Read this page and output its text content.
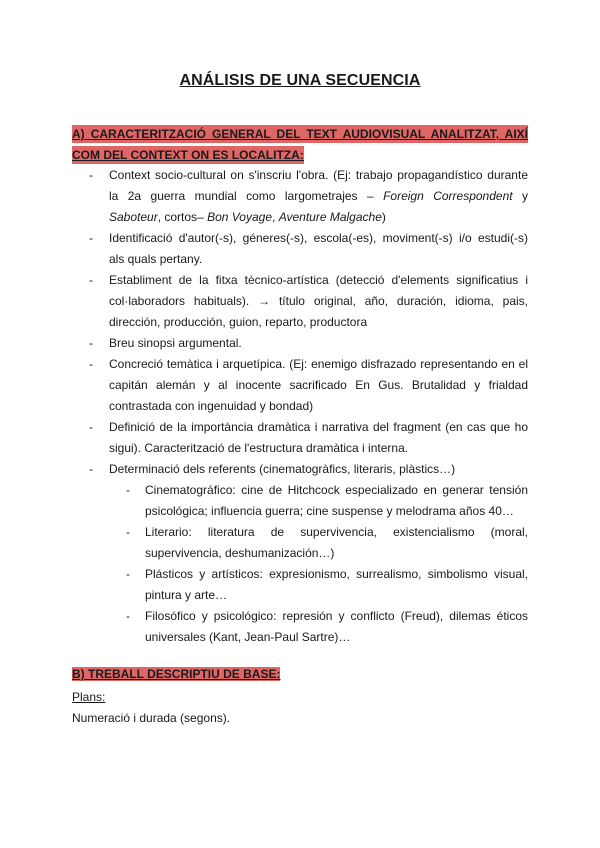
ANÁLISIS DE UNA SECUENCIA
A) CARACTERITZACIÓ GENERAL DEL TEXT AUDIOVISUAL ANALITZAT, AIXÍ COM DEL CONTEXT ON ES LOCALITZA:
- Context socio-cultural on s'inscriu l'obra. (Ej: trabajo propagandístico durante la 2a guerra mundial como largometrajes – Foreign Correspondent y Saboteur, cortos– Bon Voyage, Aventure Malgache)
- Identificació d'autor(-s), géneres(-s), escola(-es), moviment(-s) i/o estudi(-s) als quals pertany.
- Establiment de la fitxa tècnico-artística (detecció d'elements significatius i col·laboradors habituals). → título original, año, duración, idioma, pais, dirección, producción, guion, reparto, productora
- Breu sinopsi argumental.
- Concreció temàtica i arquetípica. (Ej: enemigo disfrazado representando en el capitán alemán y al inocente sacrificado En Gus. Brutalidad y frialdad contrastada con ingenuidad y bondad)
- Definició de la importància dramàtica i narrativa del fragment (en cas que ho sigui). Caracterització de l'estructura dramàtica i interna.
- Determinació dels referents (cinematogràfics, literaris, plàstics…)
- Cinematográfico: cine de Hitchcock especializado en generar tensión psicológica; influencia guerra; cine suspense y melodrama años 40…
- Literario: literatura de supervivencia, existencialismo (moral, supervivencia, deshumanización…)
- Plásticos y artísticos: expresionismo, surrealismo, simbolismo visual, pintura y arte…
- Filosófico y psicológico: represión y conflicto (Freud), dilemas éticos universales (Kant, Jean-Paul Sartre)…
B) TREBALL DESCRIPTIU DE BASE:
Plans:
Numeració i durada (segons).
